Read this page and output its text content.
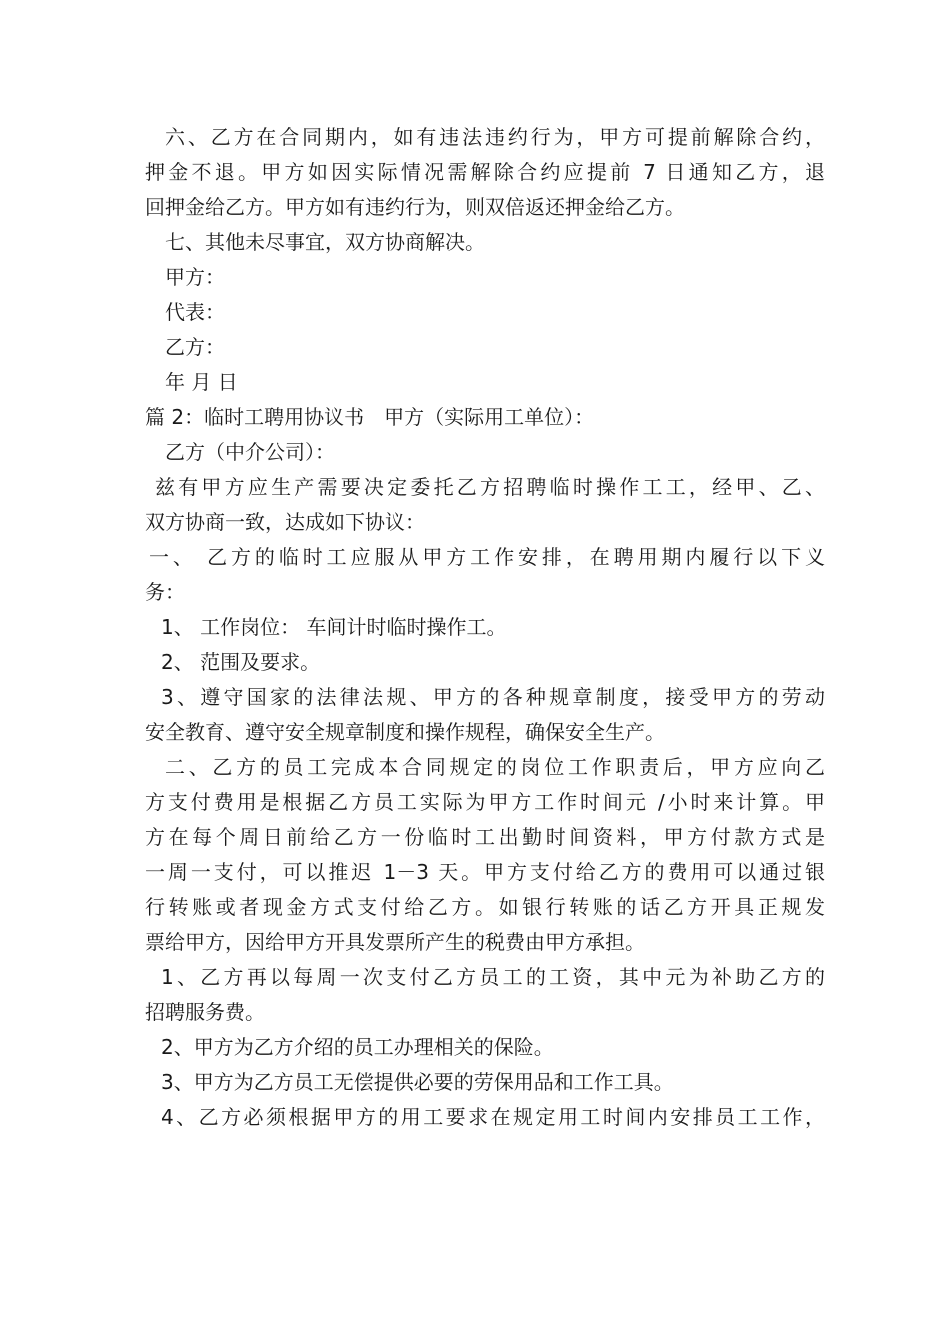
六、乙方在合同期内，如有违法违约行为，甲方可提前解除合约，
押金不退。甲方如因实际情况需解除合约应提前 7 日通知乙方，退
回押金给乙方。甲方如有违约行为，则双倍返还押金给乙方。
七、其他未尽事宜，双方协商解决。
甲方：
代表：
乙方：
年 月 日
篇 2：临时工聘用协议书　甲方（实际用工单位）：
乙方（中介公司）：
兹有甲方应生产需要决定委托乙方招聘临时操作工工，经甲、乙、
双方协商一致，达成如下协议：
一、 乙方的临时工应服从甲方工作安排，在聘用期内履行以下义
务：
1、 工作岗位： 车间计时临时操作工。
2、 范围及要求。
3、遵守国家的法律法规、甲方的各种规章制度，接受甲方的劳动
安全教育、遵守安全规章制度和操作规程，确保安全生产。
二、乙方的员工完成本合同规定的岗位工作职责后，甲方应向乙
方支付费用是根据乙方员工实际为甲方工作时间元 /小时来计算。甲
方在每个周日前给乙方一份临时工出勤时间资料，甲方付款方式是
一周一支付，可以推迟 1－3 天。甲方支付给乙方的费用可以通过银
行转账或者现金方式支付给乙方。如银行转账的话乙方开具正规发
票给甲方，因给甲方开具发票所产生的税费由甲方承担。
1、乙方再以每周一次支付乙方员工的工资，其中元为补助乙方的
招聘服务费。
2、甲方为乙方介绍的员工办理相关的保险。
3、甲方为乙方员工无偿提供必要的劳保用品和工作工具。
4、乙方必须根据甲方的用工要求在规定用工时间内安排员工工作，
